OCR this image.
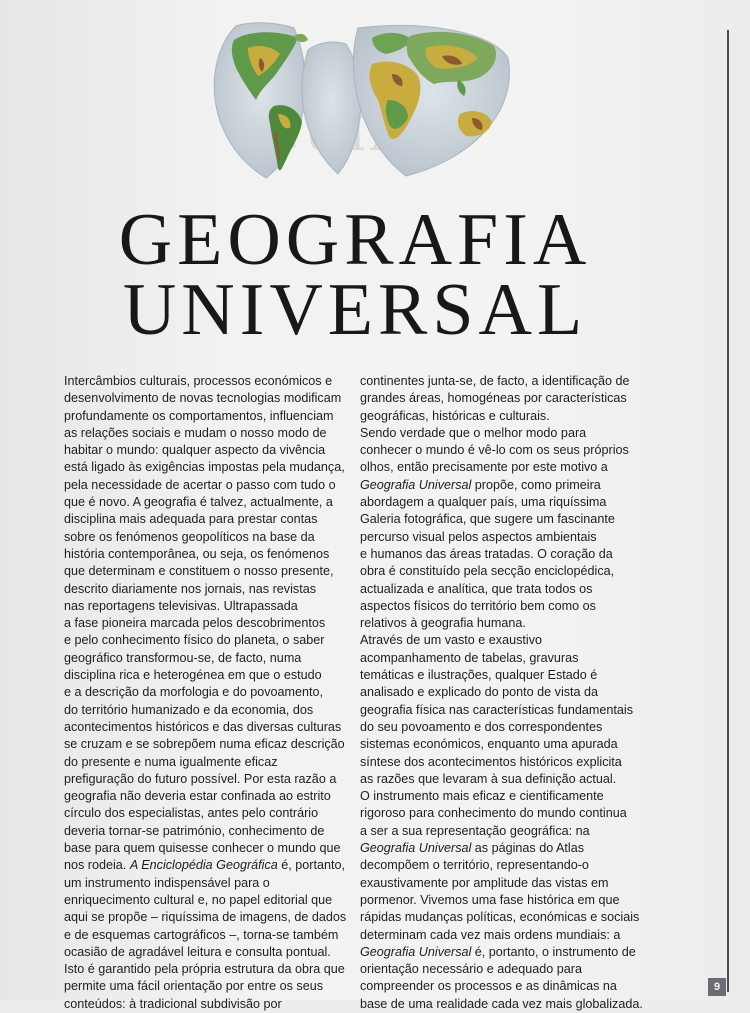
GEOGRAFIA
UNIVERSAL
Intercâmbios culturais, processos económicos e
desenvolvimento de novas tecnologias modificam
profundamente os comportamentos, influenciam
as relações sociais e mudam o nosso modo de
habitar o mundo: qualquer aspecto da vivência
está ligado às exigências impostas pela mudança,
pela necessidade de acertar o passo com tudo o
que é novo. A geografia é talvez, actualmente, a
disciplina mais adequada para prestar contas
sobre os fenómenos geopolíticos na base da
história contemporânea, ou seja, os fenómenos
que determinam e constituem o nosso presente,
descrito diariamente nos jornais, nas revistas
nas reportagens televisivas. Ultrapassada
a fase pioneira marcada pelos descobrimentos
e pelo conhecimento físico do planeta, o saber
geográfico transformou-se, de facto, numa
disciplina rica e heterogénea em que o estudo
e a descrição da morfologia e do povoamento,
do território humanizado e da economia, dos
acontecimentos históricos e das diversas culturas
se cruzam e se sobrepõem numa eficaz descrição
do presente e numa igualmente eficaz
prefiguração do futuro possível. Por esta razão a
geografia não deveria estar confinada ao estrito
círculo dos especialistas, antes pelo contrário
deveria tornar-se património, conhecimento de
base para quem quisesse conhecer o mundo que
nos rodeia. A Enciclopédia Geográfica é, portanto,
um instrumento indispensável para o
enriquecimento cultural e, no papel editorial que
aqui se propõe – riquíssima de imagens, de dados
e de esquemas cartográficos –, torna-se também
ocasião de agradável leitura e consulta pontual.
Isto é garantido pela própria estrutura da obra que
permite uma fácil orientação por entre os seus
conteúdos: à tradicional subdivisão por
continentes junta-se, de facto, a identificação de
grandes áreas, homogéneas por características
geográficas, históricas e culturais.
Sendo verdade que o melhor modo para
conhecer o mundo é vê-lo com os seus próprios
olhos, então precisamente por este motivo a
Geografia Universal propõe, como primeira
abordagem a qualquer país, uma riquíssima
Galeria fotográfica, que sugere um fascinante
percurso visual pelos aspectos ambientais
e humanos das áreas tratadas. O coração da
obra é constituído pela secção enciclopédica,
actualizada e analítica, que trata todos os
aspectos físicos do território bem como os
relativos à geografia humana.
Através de um vasto e exaustivo
acompanhamento de tabelas, gravuras
temáticas e ilustrações, qualquer Estado é
analisado e explicado do ponto de vista da
geografia física nas características fundamentais
do seu povoamento e dos correspondentes
sistemas económicos, enquanto uma apurada
síntese dos acontecimentos históricos explicita
as razões que levaram à sua definição actual.
O instrumento mais eficaz e cientificamente
rigoroso para conhecimento do mundo continua
a ser a sua representação geográfica: na
Geografia Universal as páginas do Atlas
decompõem o território, representando-o
exaustivamente por amplitude das vistas em
pormenor. Vivemos uma fase histórica em que
rápidas mudanças políticas, económicas e sociais
determinam cada vez mais ordens mundiais: a
Geografia Universal é, portanto, o instrumento de
orientação necessário e adequado para
compreender os processos e as dinâmicas na
base de uma realidade cada vez mais globalizada.
9
